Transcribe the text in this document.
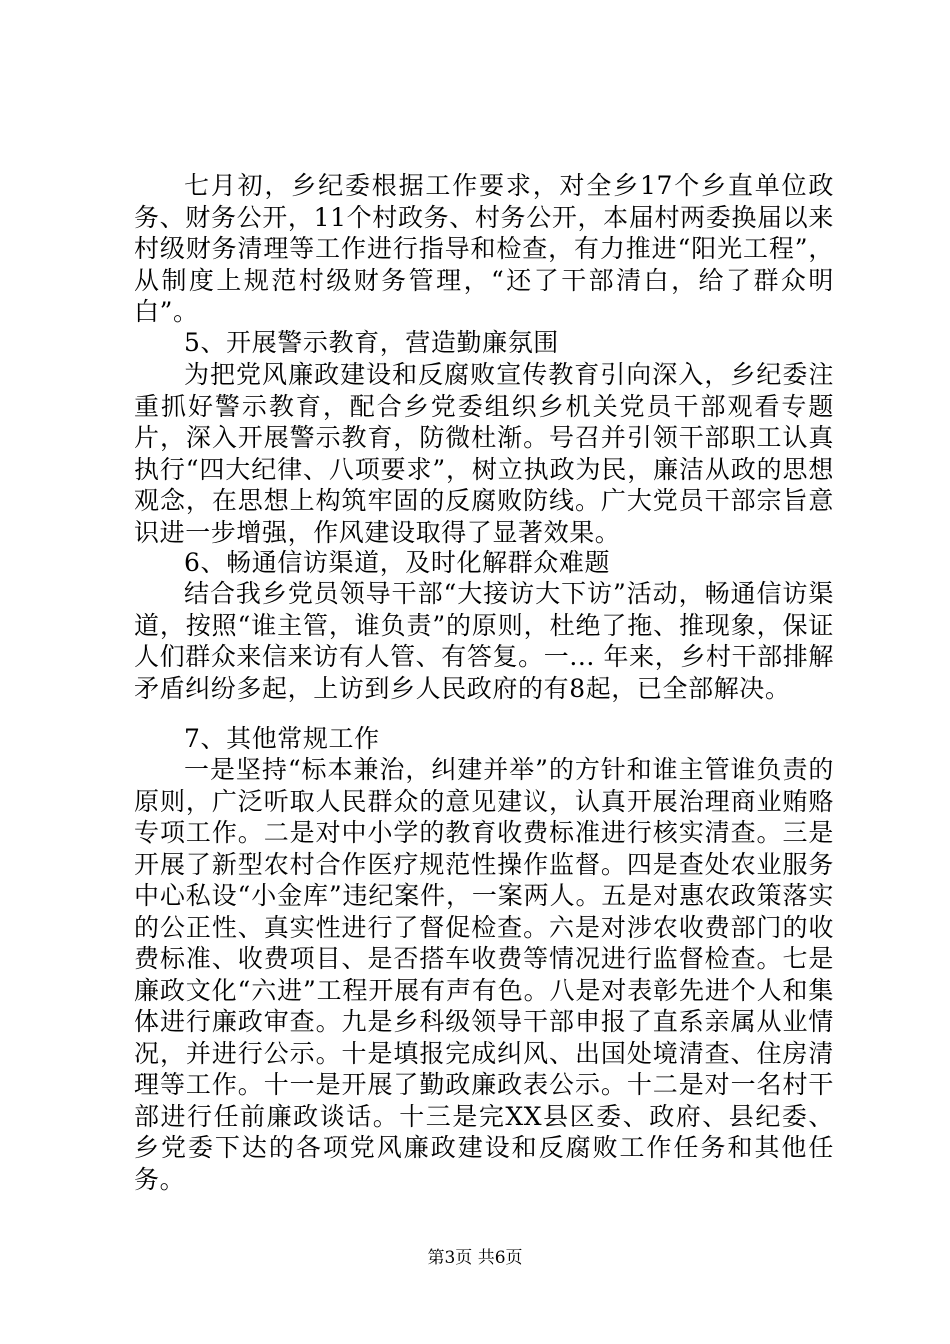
七月初，乡纪委根据工作要求，对全乡17个乡直单位政务、财务公开，11个村政务、村务公开，本届村两委换届以来村级财务清理等工作进行指导和检查，有力推进“阳光工程”，从制度上规范村级财务管理，“还了干部清白，给了群众明白”。

5、开展警示教育，营造勤廉氛围

为把党风廉政建设和反腐败宣传教育引向深入，乡纪委注重抓好警示教育，配合乡党委组织乡机关党员干部观看专题片，深入开展警示教育，防微杜渐。号召并引领干部职工认真执行“四大纪律、八项要求”，树立执政为民，廉洁从政的思想观念，在思想上构筑牢固的反腐败防线。广大党员干部宗旨意识进一步增强，作风建设取得了显著效果。

6、畅通信访渠道，及时化解群众难题

结合我乡党员领导干部“大接访大下访”活动，畅通信访渠道，按照“谁主管，谁负责”的原则，杜绝了拖、推现象，保证人们群众来信来访有人管、有答复。一... 年来，乡村干部排解矛盾纠纷多起，上访到乡人民政府的有8起，已全部解决。

7、其他常规工作

一是坚持“标本兼治，纠建并举”的方针和谁主管谁负责的原则，广泛听取人民群众的意见建议，认真开展治理商业贿赂专项工作。二是对中小学的教育收费标准进行核实清查。三是开展了新型农村合作医疗规范性操作监督。四是查处农业服务中心私设“小金库”违纪案件，一案两人。五是对惠农政策落实的公正性、真实性进行了督促检查。六是对涉农收费部门的收费标准、收费项目、是否搭车收费等情况进行监督检查。七是廉政文化“六进”工程开展有声有色。八是对表彰先进个人和集体进行廉政审查。九是乡科级领导干部申报了直系亲属从业情况，并进行公示。十是填报完成纠风、出国处境清查、住房清理等工作。十一是开展了勤政廉政表公示。十二是对一名村干部进行任前廉政谈话。十三是完XX县区委、政府、县纪委、乡党委下达的各项党风廉政建设和反腐败工作任务和其他任务。

第3页 共6页
